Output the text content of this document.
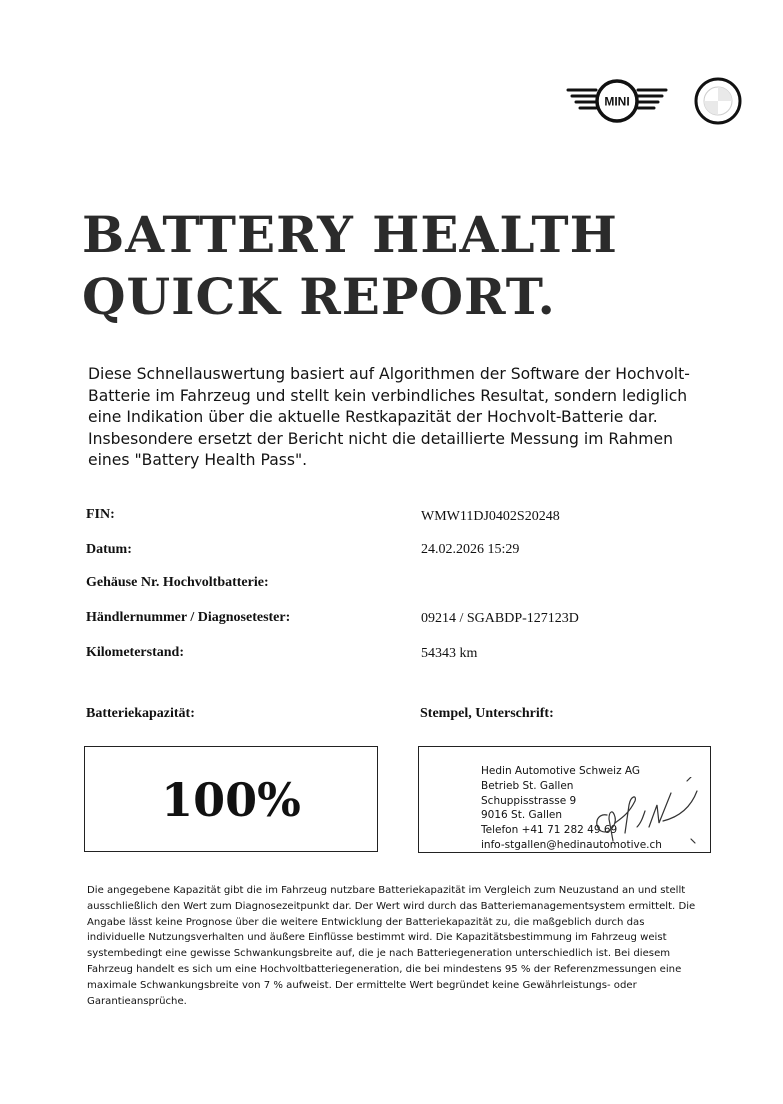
MINI
BATTERY HEALTH
QUICK REPORT.
Diese Schnellauswertung basiert auf Algorithmen der Software der Hochvolt-Batterie im Fahrzeug und stellt kein verbindliches Resultat, sondern lediglich eine Indikation über die aktuelle Restkapazität der Hochvolt-Batterie dar. Insbesondere ersetzt der Bericht nicht die detaillierte Messung im Rahmen eines "Battery Health Pass".
FIN:	WMW11DJ0402S20248
Datum:	24.02.2026 15:29
Gehäuse Nr. Hochvoltbatterie:
Händlernummer / Diagnosetester:	09214 / SGABDP-127123D
Kilometerstand:	54343 km
Batteriekapazität:	Stempel, Unterschrift:
100%
Hedin Automotive Schweiz AG
Betrieb St. Gallen
Schuppisstrasse 9
9016 St. Gallen
Telefon +41 71 282 49 69
info-stgallen@hedinautomotive.ch
Die angegebene Kapazität gibt die im Fahrzeug nutzbare Batteriekapazität im Vergleich zum Neuzustand an und stellt ausschließlich den Wert zum Diagnosezeitpunkt dar. Der Wert wird durch das Batteriemanagementsystem ermittelt. Die Angabe lässt keine Prognose über die weitere Entwicklung der Batteriekapazität zu, die maßgeblich durch das individuelle Nutzungsverhalten und äußere Einflüsse bestimmt wird. Die Kapazitätsbestimmung im Fahrzeug weist systembedingt eine gewisse Schwankungsbreite auf, die je nach Batteriegeneration unterschiedlich ist. Bei diesem Fahrzeug handelt es sich um eine Hochvoltbatteriegeneration, die bei mindestens 95 % der Referenzmessungen eine maximale Schwankungsbreite von 7 % aufweist. Der ermittelte Wert begründet keine Gewährleistungs- oder Garantieansprüche.
